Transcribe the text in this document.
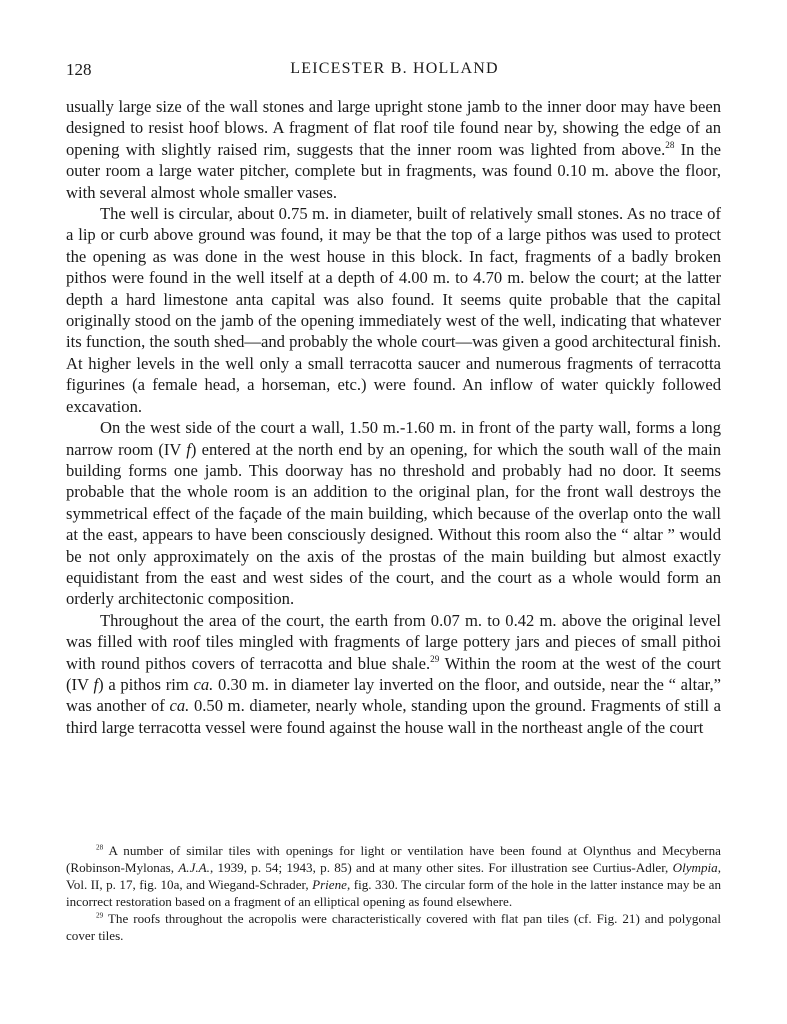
128	LEICESTER B. HOLLAND

usually large size of the wall stones and large upright stone jamb to the inner door may have been designed to resist hoof blows. A fragment of flat roof tile found near by, showing the edge of an opening with slightly raised rim, suggests that the inner room was lighted from above.$^{28}$ In the outer room a large water pitcher, complete but in fragments, was found 0.10 m. above the floor, with several almost whole smaller vases.

The well is circular, about 0.75 m. in diameter, built of relatively small stones. As no trace of a lip or curb above ground was found, it may be that the top of a large pithos was used to protect the opening as was done in the west house in this block. In fact, fragments of a badly broken pithos were found in the well itself at a depth of 4.00 m. to 4.70 m. below the court; at the latter depth a hard limestone anta capital was also found. It seems quite probable that the capital originally stood on the jamb of the opening immediately west of the well, indicating that whatever its function, the south shed—and probably the whole court—was given a good architectural finish. At higher levels in the well only a small terracotta saucer and numerous fragments of terracotta figurines (a female head, a horseman, etc.) were found. An inflow of water quickly followed excavation.

On the west side of the court a wall, 1.50 m.-1.60 m. in front of the party wall, forms a long narrow room (IV f) entered at the north end by an opening, for which the south wall of the main building forms one jamb. This doorway has no threshold and probably had no door. It seems probable that the whole room is an addition to the original plan, for the front wall destroys the symmetrical effect of the façade of the main building, which because of the overlap onto the wall at the east, appears to have been consciously designed. Without this room also the “ altar ” would be not only approximately on the axis of the prostas of the main building but almost exactly equidistant from the east and west sides of the court, and the court as a whole would form an orderly architectonic composition.

Throughout the area of the court, the earth from 0.07 m. to 0.42 m. above the original level was filled with roof tiles mingled with fragments of large pottery jars and pieces of small pithoi with round pithos covers of terracotta and blue shale.$^{29}$ Within the room at the west of the court (IV f) a pithos rim ca. 0.30 m. in diameter lay inverted on the floor, and outside, near the “ altar,” was another of ca. 0.50 m. diameter, nearly whole, standing upon the ground. Fragments of still a third large terracotta vessel were found against the house wall in the northeast angle of the court

$^{28}$ A number of similar tiles with openings for light or ventilation have been found at Olynthus and Mecyberna (Robinson-Mylonas, A.J.A., 1939, p. 54; 1943, p. 85) and at many other sites. For illustration see Curtius-Adler, Olympia, Vol. II, p. 17, fig. 10a, and Wiegand-Schrader, Priene, fig. 330. The circular form of the hole in the latter instance may be an incorrect restoration based on a fragment of an elliptical opening as found elsewhere.

$^{29}$ The roofs throughout the acropolis were characteristically covered with flat pan tiles (cf. Fig. 21) and polygonal cover tiles.
